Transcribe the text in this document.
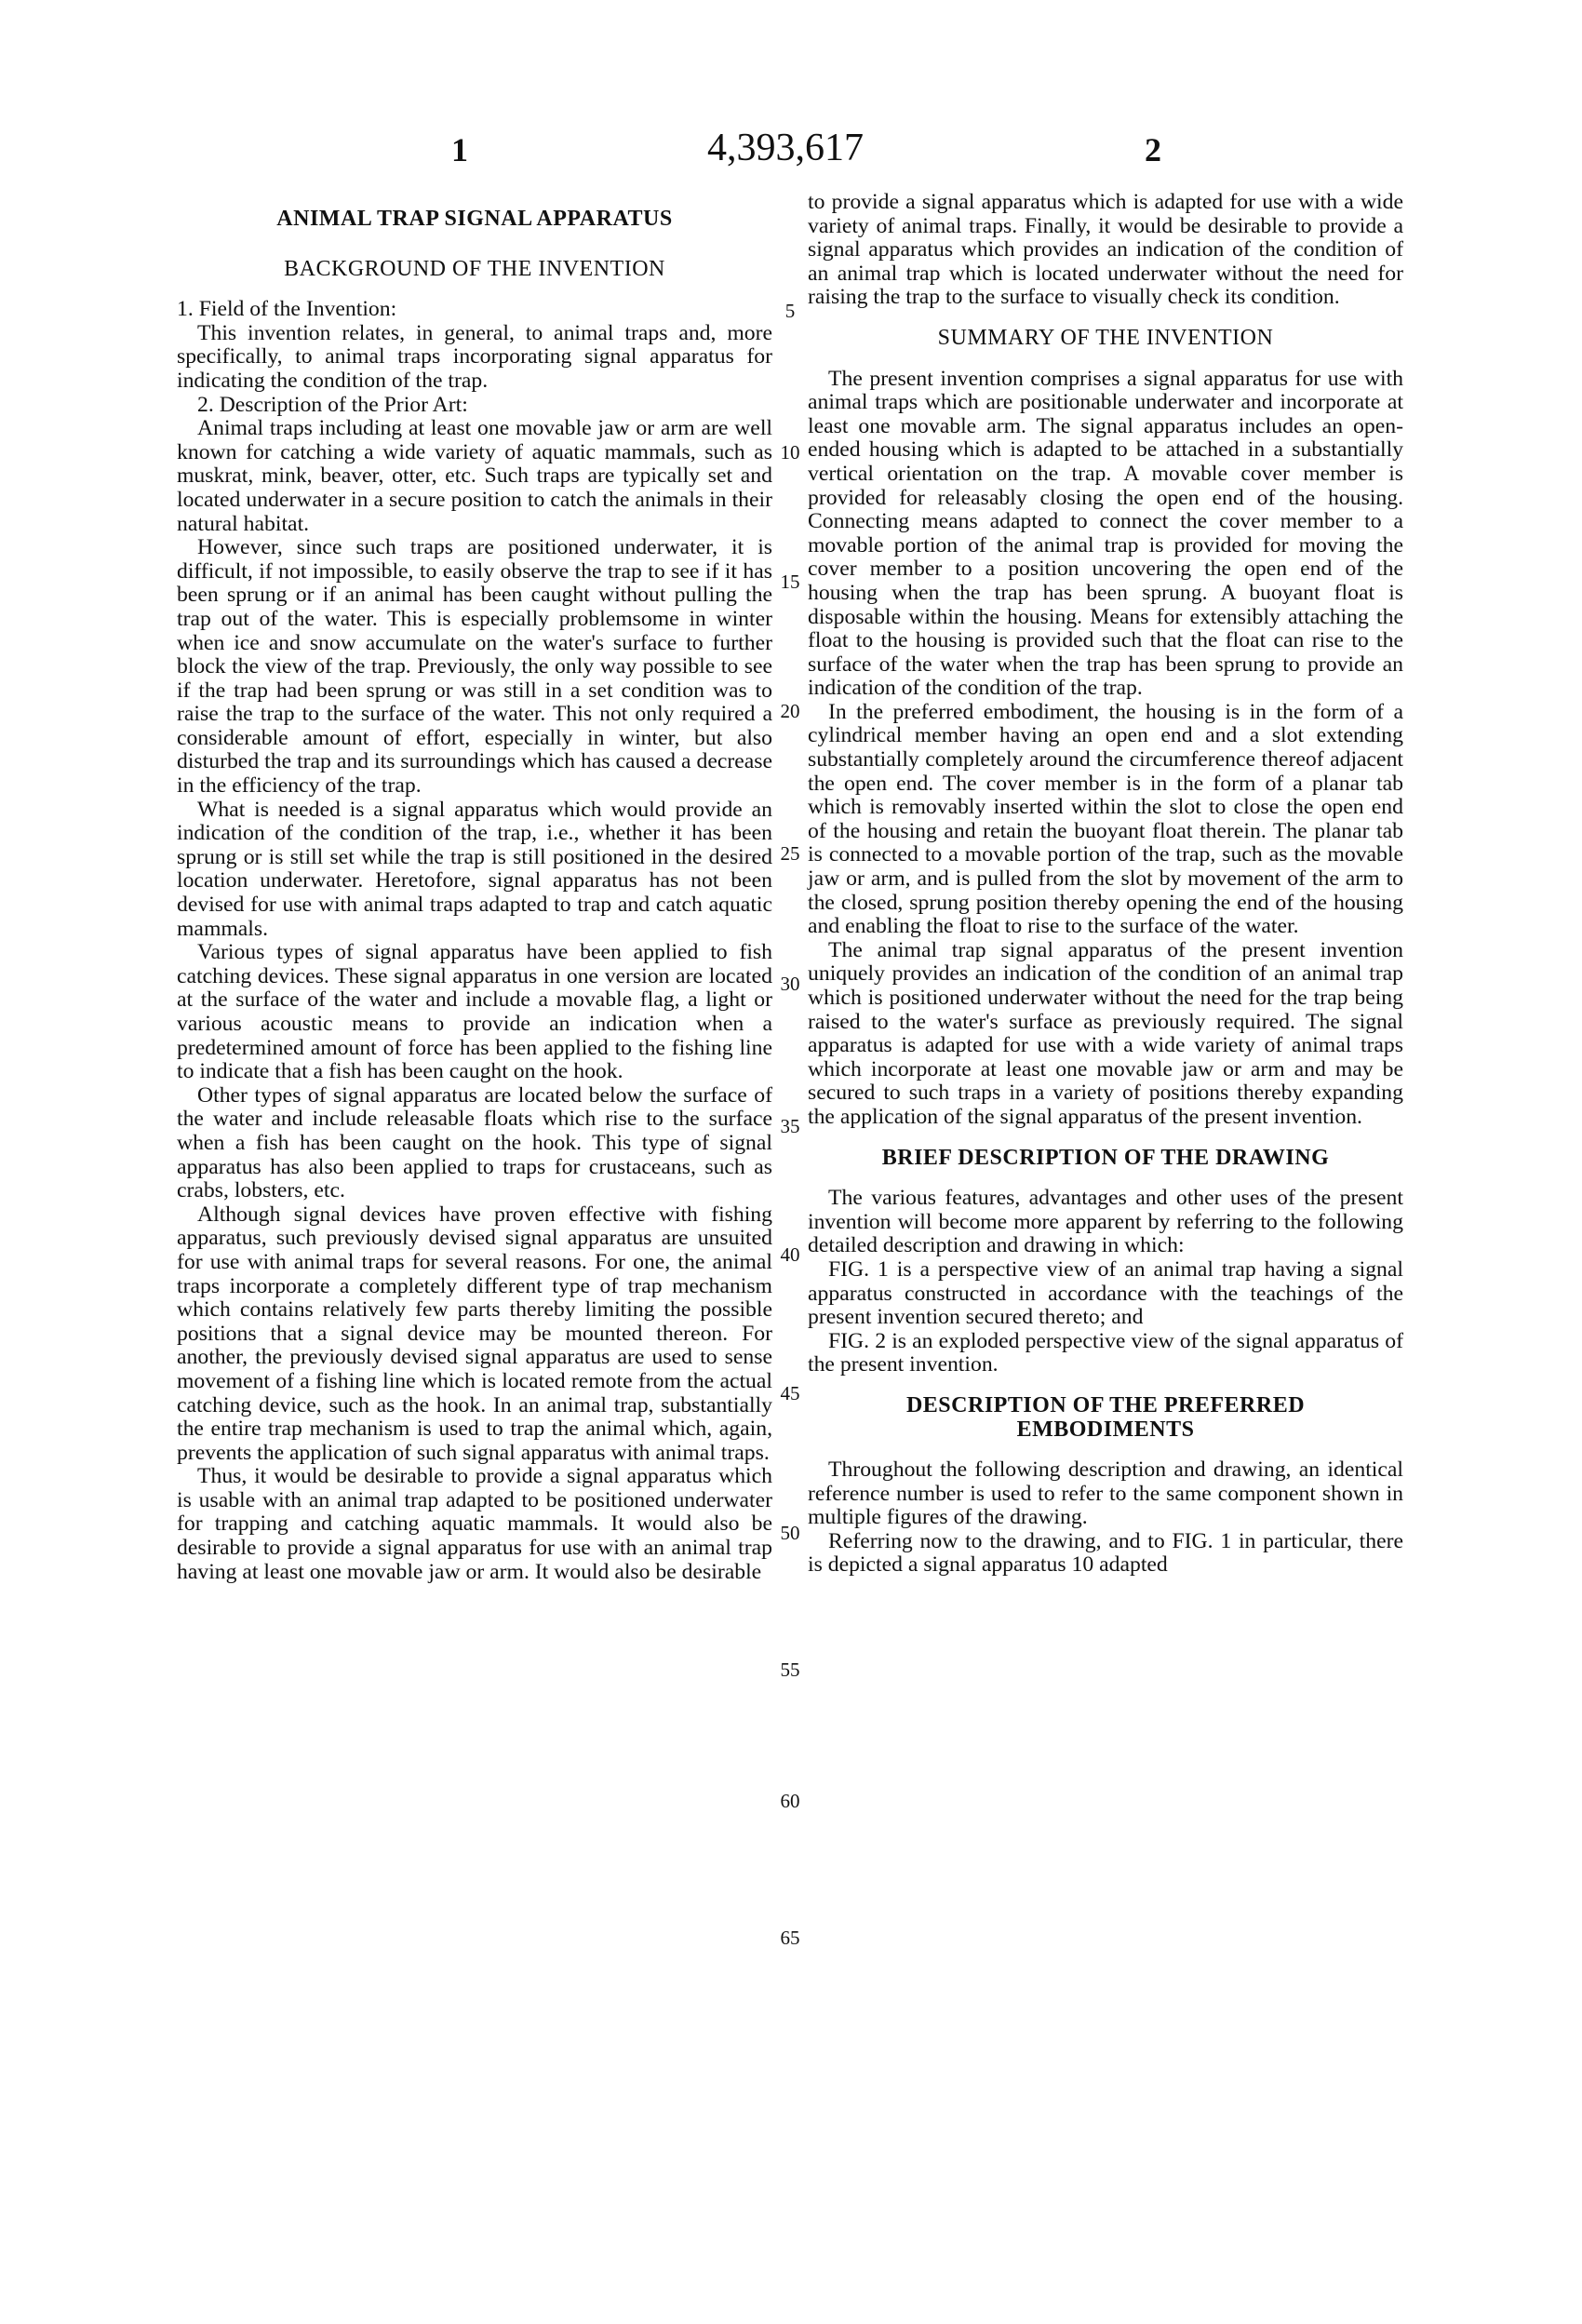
1	4,393,617	2
ANIMAL TRAP SIGNAL APPARATUS
BACKGROUND OF THE INVENTION

1. Field of the Invention:

This invention relates, in general, to animal traps and, more specifically, to animal traps incorporating signal apparatus for indicating the condition of the trap.

2. Description of the Prior Art:

Animal traps including at least one movable jaw or arm are well known for catching a wide variety of aquatic mammals, such as muskrat, mink, beaver, otter, etc. Such traps are typically set and located underwater in a secure position to catch the animals in their natural habitat.

However, since such traps are positioned underwater, it is difficult, if not impossible, to easily observe the trap to see if it has been sprung or if an animal has been caught without pulling the trap out of the water. This is especially problemsome in winter when ice and snow accumulate on the water's surface to further block the view of the trap. Previously, the only way possible to see if the trap had been sprung or was still in a set condition was to raise the trap to the surface of the water. This not only required a considerable amount of effort, especially in winter, but also disturbed the trap and its surroundings which has caused a decrease in the efficiency of the trap.

What is needed is a signal apparatus which would provide an indication of the condition of the trap, i.e., whether it has been sprung or is still set while the trap is still positioned in the desired location underwater. Heretofore, signal apparatus has not been devised for use with animal traps adapted to trap and catch aquatic mammals.

Various types of signal apparatus have been applied to fish catching devices. These signal apparatus in one version are located at the surface of the water and include a movable flag, a light or various acoustic means to provide an indication when a predetermined amount of force has been applied to the fishing line to indicate that a fish has been caught on the hook.

Other types of signal apparatus are located below the surface of the water and include releasable floats which rise to the surface when a fish has been caught on the hook. This type of signal apparatus has also been applied to traps for crustaceans, such as crabs, lobsters, etc.

Although signal devices have proven effective with fishing apparatus, such previously devised signal apparatus are unsuited for use with animal traps for several reasons. For one, the animal traps incorporate a completely different type of trap mechanism which contains relatively few parts thereby limiting the possible positions that a signal device may be mounted thereon. For another, the previously devised signal apparatus are used to sense movement of a fishing line which is located remote from the actual catching device, such as the hook. In an animal trap, substantially the entire trap mechanism is used to trap the animal which, again, prevents the application of such signal apparatus with animal traps.

Thus, it would be desirable to provide a signal apparatus which is usable with an animal trap adapted to be positioned underwater for trapping and catching aquatic mammals. It would also be desirable to provide a signal apparatus for use with an animal trap having at least one movable jaw or arm. It would also be desirable

5
10
15
20
25
30
35
40
45
50
55
60
65

to provide a signal apparatus which is adapted for use with a wide variety of animal traps. Finally, it would be desirable to provide a signal apparatus which provides an indication of the condition of an animal trap which is located underwater without the need for raising the trap to the surface to visually check its condition.

SUMMARY OF THE INVENTION

The present invention comprises a signal apparatus for use with animal traps which are positionable underwater and incorporate at least one movable arm. The signal apparatus includes an open-ended housing which is adapted to be attached in a substantially vertical orientation on the trap. A movable cover member is provided for releasably closing the open end of the housing. Connecting means adapted to connect the cover member to a movable portion of the animal trap is provided for moving the cover member to a position uncovering the open end of the housing when the trap has been sprung. A buoyant float is disposable within the housing. Means for extensibly attaching the float to the housing is provided such that the float can rise to the surface of the water when the trap has been sprung to provide an indication of the condition of the trap.

In the preferred embodiment, the housing is in the form of a cylindrical member having an open end and a slot extending substantially completely around the circumference thereof adjacent the open end. The cover member is in the form of a planar tab which is removably inserted within the slot to close the open end of the housing and retain the buoyant float therein. The planar tab is connected to a movable portion of the trap, such as the movable jaw or arm, and is pulled from the slot by movement of the arm to the closed, sprung position thereby opening the end of the housing and enabling the float to rise to the surface of the water.

The animal trap signal apparatus of the present invention uniquely provides an indication of the condition of an animal trap which is positioned underwater without the need for the trap being raised to the water's surface as previously required. The signal apparatus is adapted for use with a wide variety of animal traps which incorporate at least one movable jaw or arm and may be secured to such traps in a variety of positions thereby expanding the application of the signal apparatus of the present invention.

BRIEF DESCRIPTION OF THE DRAWING

The various features, advantages and other uses of the present invention will become more apparent by referring to the following detailed description and drawing in which:

FIG. 1 is a perspective view of an animal trap having a signal apparatus constructed in accordance with the teachings of the present invention secured thereto; and

FIG. 2 is an exploded perspective view of the signal apparatus of the present invention.

DESCRIPTION OF THE PREFERRED
EMBODIMENTS

Throughout the following description and drawing, an identical reference number is used to refer to the same component shown in multiple figures of the drawing.

Referring now to the drawing, and to FIG. 1 in particular, there is depicted a signal apparatus 10 adapted
